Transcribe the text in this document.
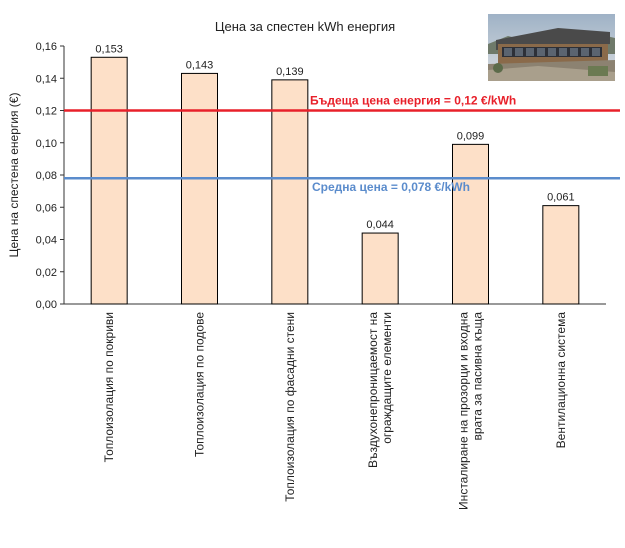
Цена за спестен kWh енергия
0,00
0,02
0,04
0,06
0,08
0,10
0,12
0,14
0,16
Цена на спестена енергия (€)
0,153
0,143
0,139
0,044
0,099
0,061
Бъдеща цена енергия = 0,12 €/kWh
Средна цена = 0,078 €/kWh
Топлоизолация по покриви	Топлоизолация по подове	Топлоизолация по фасадни стени	Въздухонепроницаемост на ограждащите елементи	Инсталиране на прозорци и входна врата за пасивна къща	Вентилационна система
